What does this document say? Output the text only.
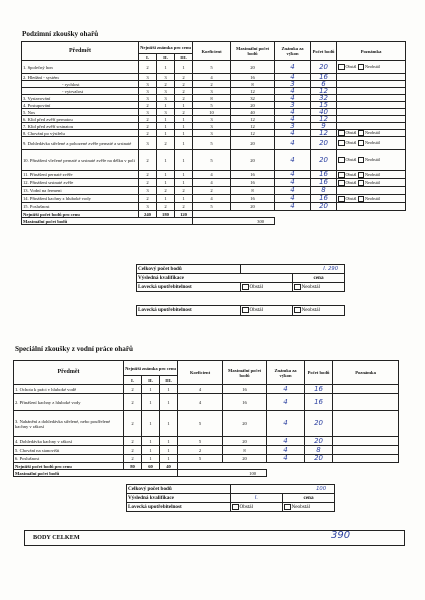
Podzimní zkoušky ohařů
Předmět	Nejnižší známka pro cenu			Koeficient	Maximální počet bodů	Známka za výkon	Počet bodů	Poznámka
	I.	II.	III.					
1. Společný hon	2	1	1	5	20	4	20	Obstál Neobstál
2. Hledání - systém	3	3	2	4	16	4	16	
- rychlost	3	2	2	2	8	3	6	
- vytrvalost	3	3	2	3	12	4	12	
3. Vystavování	3	3	2	8	32	4	32	
4. Postupování	2	1	1	5	20	3	15	
5. Nos	3	3	2	10	40	4	40	
6. Klid před zvěří pernatou	2	1	1	3	12	4	12	
7. Klid před zvěří srstnatou	2	1	1	3	12	3	9	
8. Chování po výstřelu	2	1	1	3	12	4	12	Obstál Neobstál
9. Dohledávka střelené a pohozené zvěře pernaté a srstnaté	3	2	1	5	20	4	20	Obstál Neobstál
10. Přinášení vlečené pernaté a srstnaté zvěře na délku v poli	2	1	1	5	20	4	20	Obstál Neobstál
11. Přinášení pernaté zvěře	2	1	1	4	16	4	16	Obstál Neobstál
12. Přinášení srstnaté zvěře	2	1	1	4	16	4	16	Obstál Neobstál
13. Vodní na fermeni	3	2	2	2	8	4	8	
14. Přinášení kachny z hluboké vody	2	1	1	4	16	4	16	Obstál Neobstál
15. Poslušnost	3	2	2	5	20	4	20	
Nejnižší počet bodů pro cenu	240	180	120					
Maximální počet bodů				300				
Celkový počet bodů	I. 290	
Výsledná kvalifikace		cena
Lovecká upotřebitelnost	Obstál	Neobstál
Lovecká upotřebitelnost	Obstál	Neobstál
Speciální zkoušky z vodní práce ohařů
Předmět	Nejnižší známka pro cenu			Koeficient	Maximální počet bodů	Známka za výkon	Počet bodů	Poznámka
	I.	II.	III.					
1. Ochota k práci v hluboké vodě	2	1	1	4	16	4	16	
2. Přinášení kachny z hluboké vody	2	1	1	4	16	4	16	
3. Nahánění a dohledávka střelené, nebo poufřelené kachny v rákosí	2	1	1	5	20	4	20	
4. Dohledávka kachny v rákosí	2	1	1	5	20	4	20	
5. Chování na stanovišti	2	1	1	2	8	4	8	
6. Poslušnost	2	1	1	5	20	4	20	
Nejnižší počet bodů pro cenu	80	60	40					
Maximální počet bodů				100				
Celkový počet bodů	100	
Výsledná kvalifikace	I.	cena
Lovecká upotřebitelnost	Obstál	Neobstál
BODY CELKEM	390
